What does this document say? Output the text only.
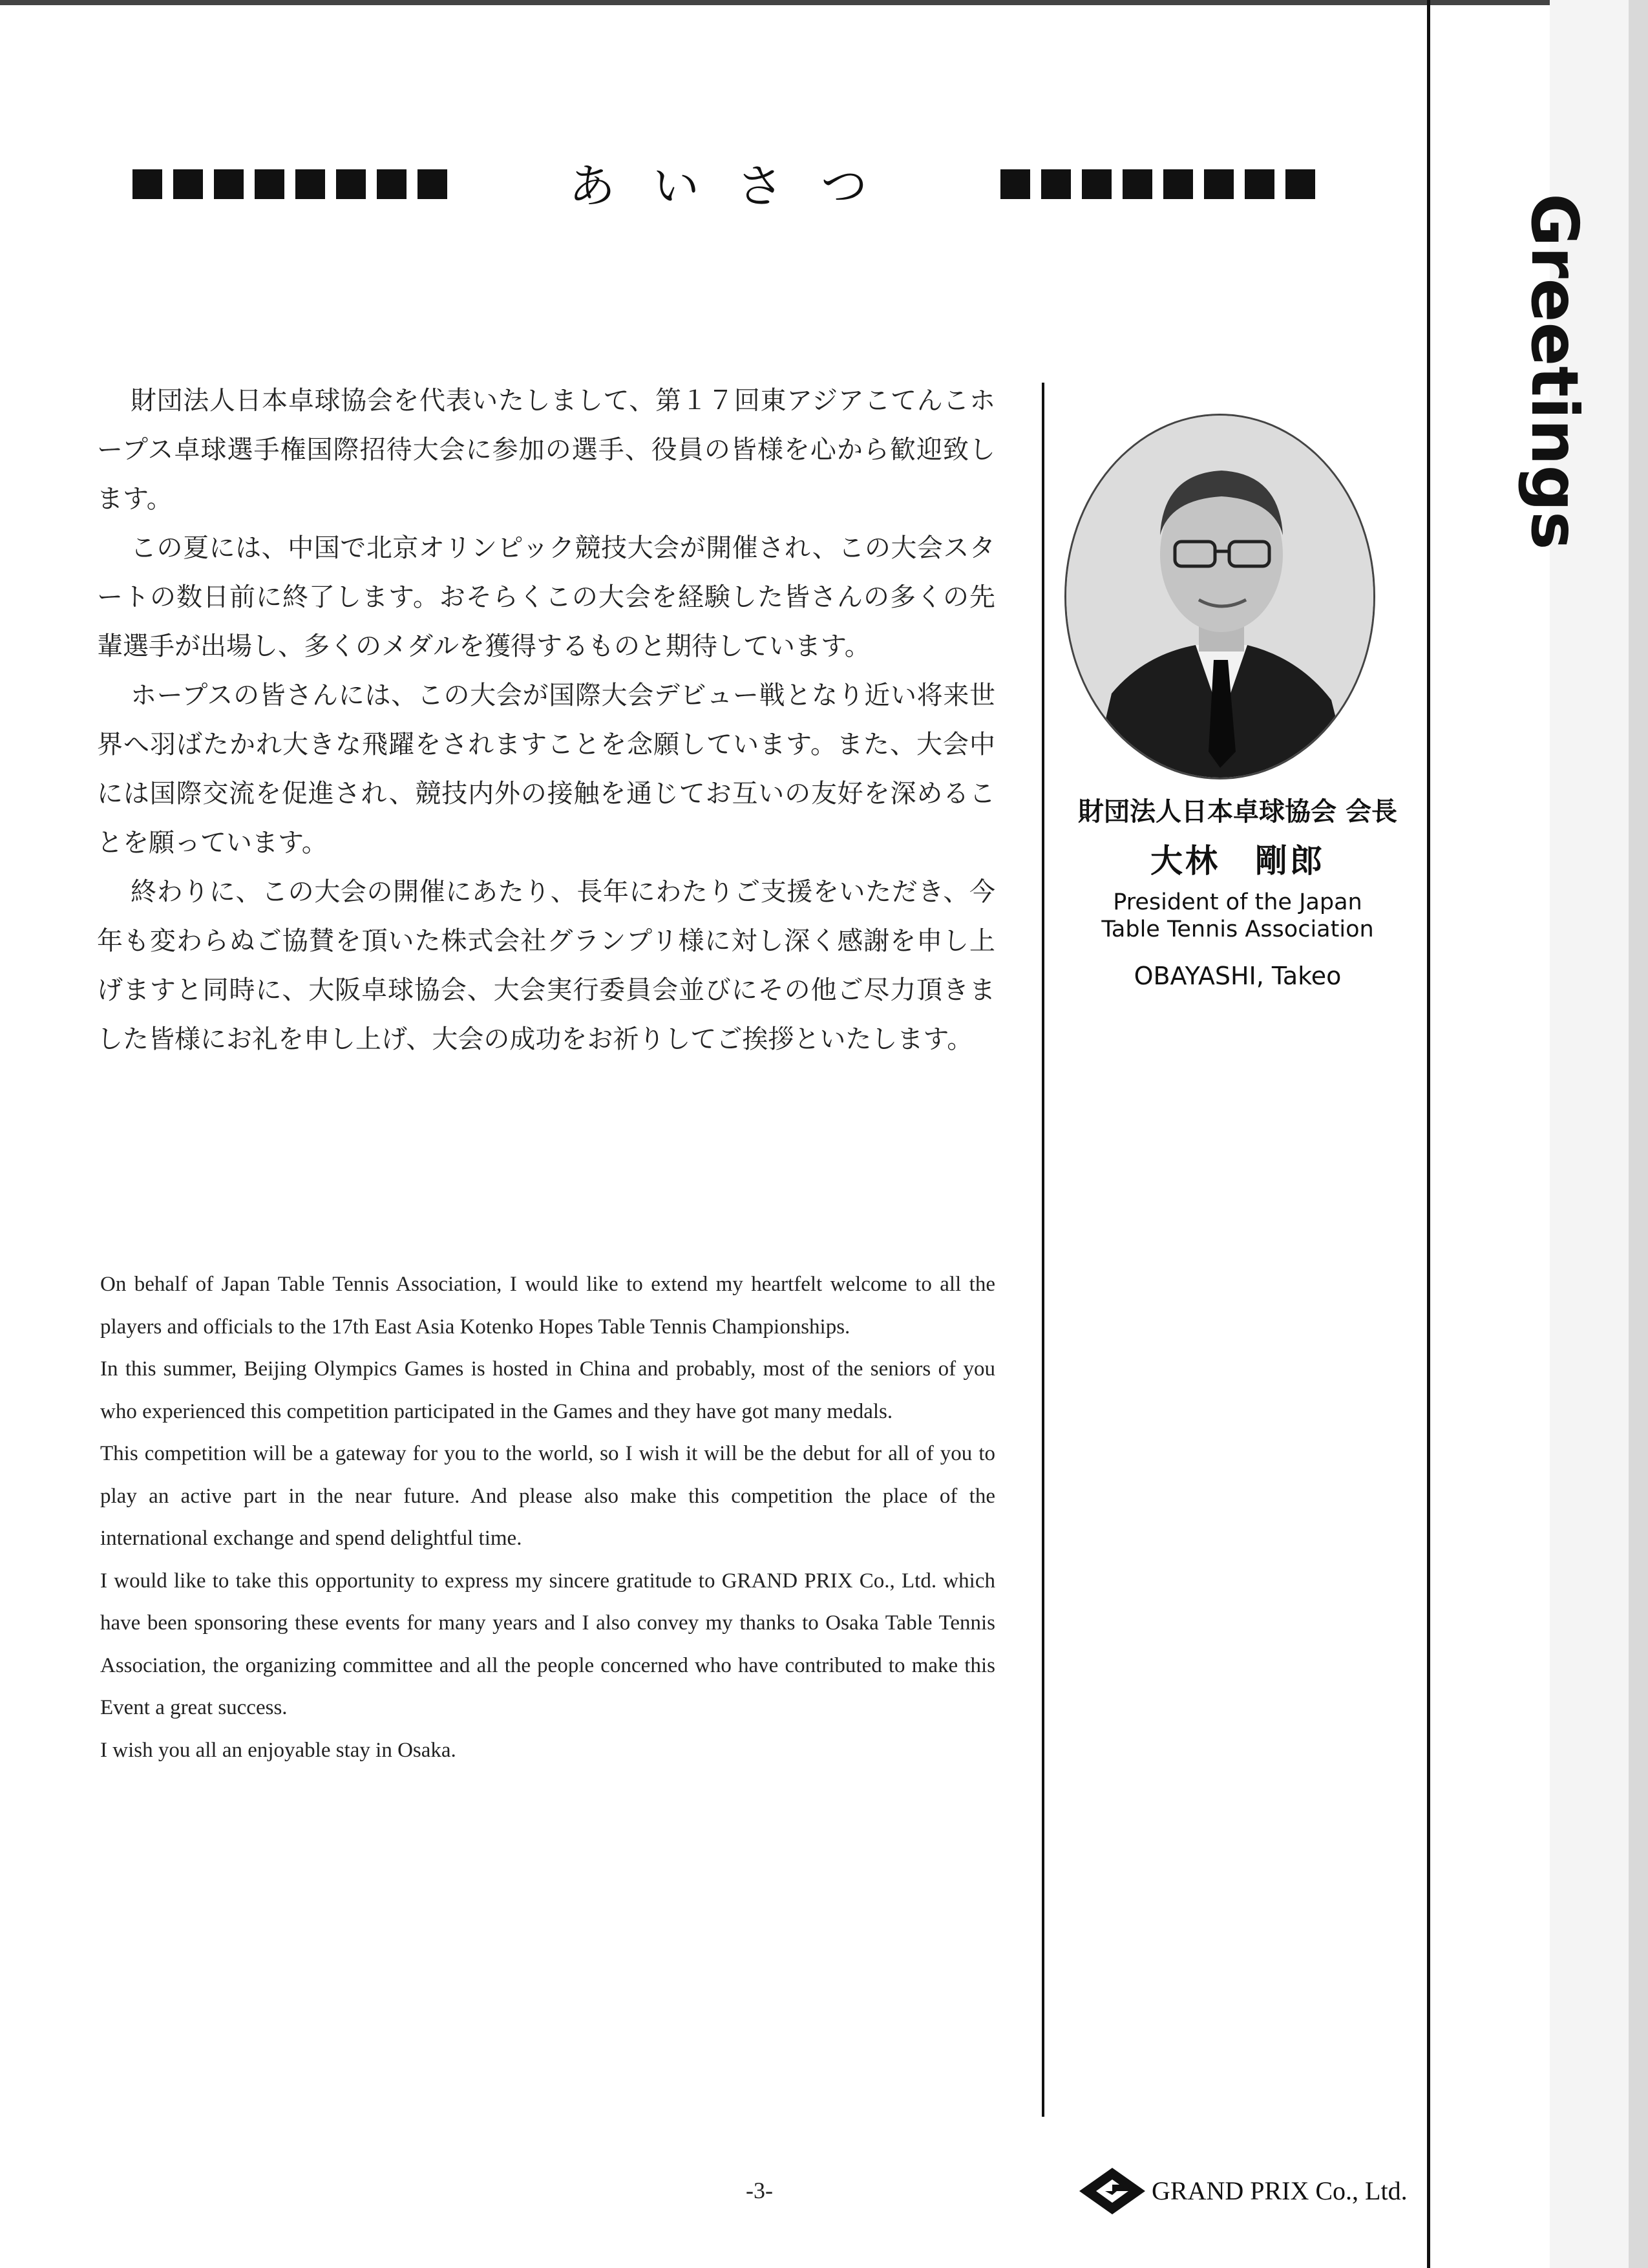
あいさつ
Greetings

財団法人日本卓球協会を代表いたしまして、第１７回東アジアこてんこホープス卓球選手権国際招待大会に参加の選手、役員の皆様を心から歓迎致します。

この夏には、中国で北京オリンピック競技大会が開催され、この大会スタートの数日前に終了します。おそらくこの大会を経験した皆さんの多くの先輩選手が出場し、多くのメダルを獲得するものと期待しています。

ホープスの皆さんには、この大会が国際大会デビュー戦となり近い将来世界へ羽ばたかれ大きな飛躍をされますことを念願しています。また、大会中には国際交流を促進され、競技内外の接触を通じてお互いの友好を深めることを願っています。

終わりに、この大会の開催にあたり、長年にわたりご支援をいただき、今年も変わらぬご協賛を頂いた株式会社グランプリ様に対し深く感謝を申し上げますと同時に、大阪卓球協会、大会実行委員会並びにその他ご尽力頂きました皆様にお礼を申し上げ、大会の成功をお祈りしてご挨拶といたします。

財団法人日本卓球協会 会長
大林　剛郎
President of the Japan
Table Tennis Association
OBAYASHI, Takeo

On behalf of Japan Table Tennis Association, I would like to extend my heartfelt welcome to all the players and officials to the 17th East Asia Kotenko Hopes Table Tennis Championships.

In this summer, Beijing Olympics Games is hosted in China and probably, most of the seniors of you who experienced this competition participated in the Games and they have got many medals.

This competition will be a gateway for you to the world, so I wish it will be the debut for all of you to play an active part in the near future. And please also make this competition the place of the international exchange and spend delightful time.

I would like to take this opportunity to express my sincere gratitude to GRAND PRIX Co., Ltd. which have been sponsoring these events for many years and I also convey my thanks to Osaka Table Tennis Association, the organizing committee and all the people concerned who have contributed to make this Event a great success.

I wish you all an enjoyable stay in Osaka.

-3-	GRAND PRIX Co., Ltd.
